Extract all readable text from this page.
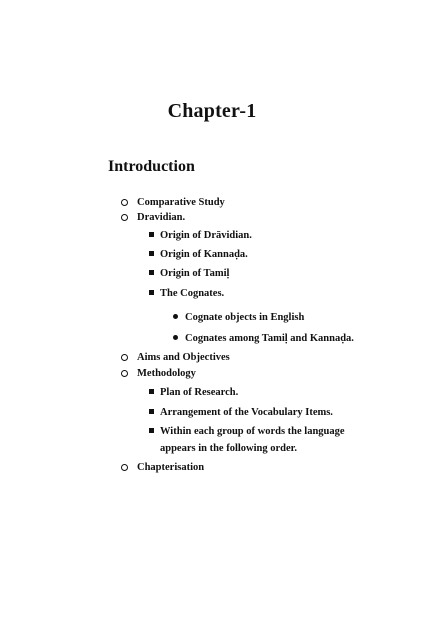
Chapter-1
Introduction
Comparative Study
Dravidian.
Origin of Drāvidian.
Origin of Kannaḍa.
Origin of Tamiḷ
The Cognates.
Cognate objects in English
Cognates among Tamiḷ and Kannaḍa.
Aims and Objectives
Methodology
Plan of Research.
Arrangement of the Vocabulary Items.
Within each group of words the language
appears in the following order.
Chapterisation
